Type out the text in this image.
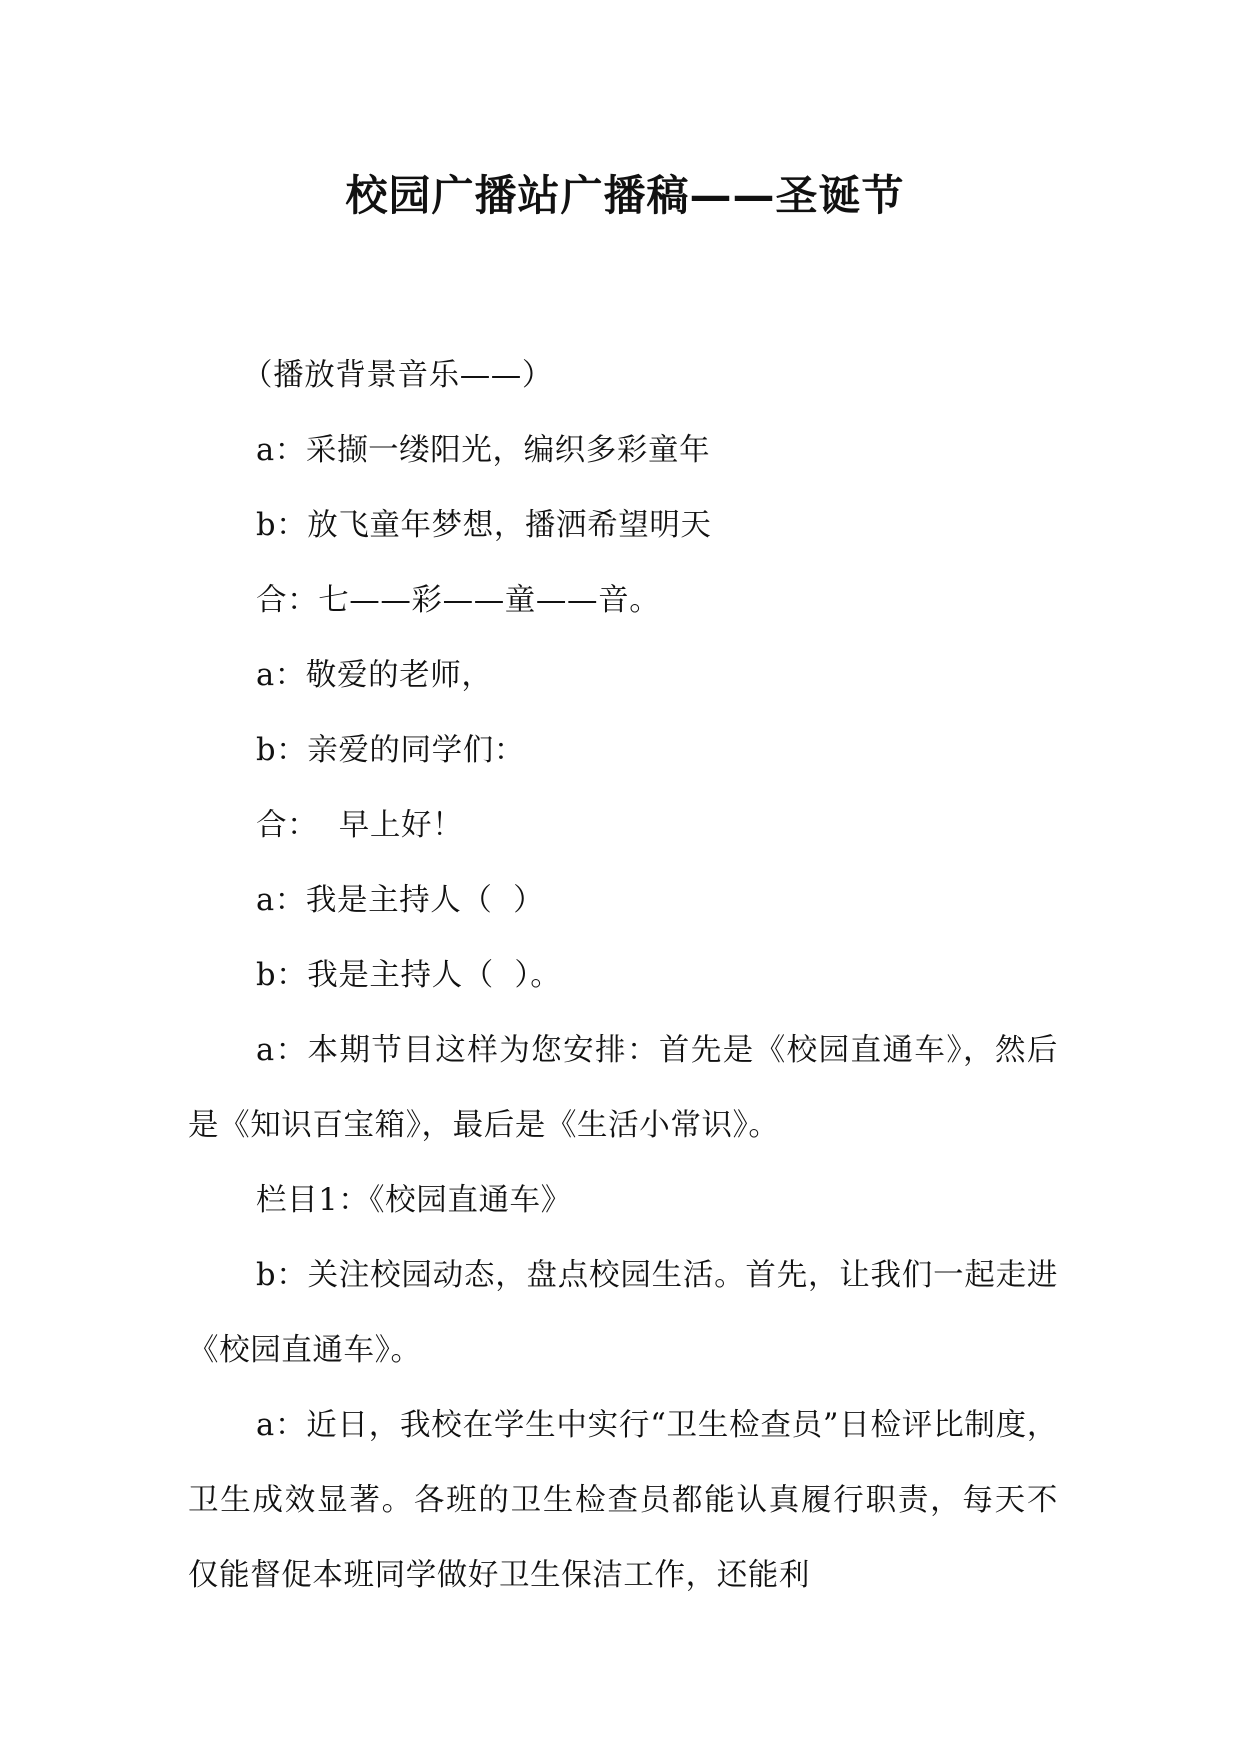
校园广播站广播稿——圣诞节

（播放背景音乐——）

a：采撷一缕阳光，编织多彩童年

b：放飞童年梦想，播洒希望明天

合：七——彩——童——音。

a：敬爱的老师，

b：亲爱的同学们：

合：  早上好！

a：我是主持人（  ）

b：我是主持人（  ）。

a：本期节目这样为您安排：首先是《校园直通车》，然后是《知识百宝箱》，最后是《生活小常识》。

栏目1：《校园直通车》

b：关注校园动态，盘点校园生活。首先，让我们一起走进《校园直通车》。

a：近日，我校在学生中实行“卫生检查员”日检评比制度，卫生成效显著。各班的卫生检查员都能认真履行职责，每天不仅能督促本班同学做好卫生保洁工作，还能利
